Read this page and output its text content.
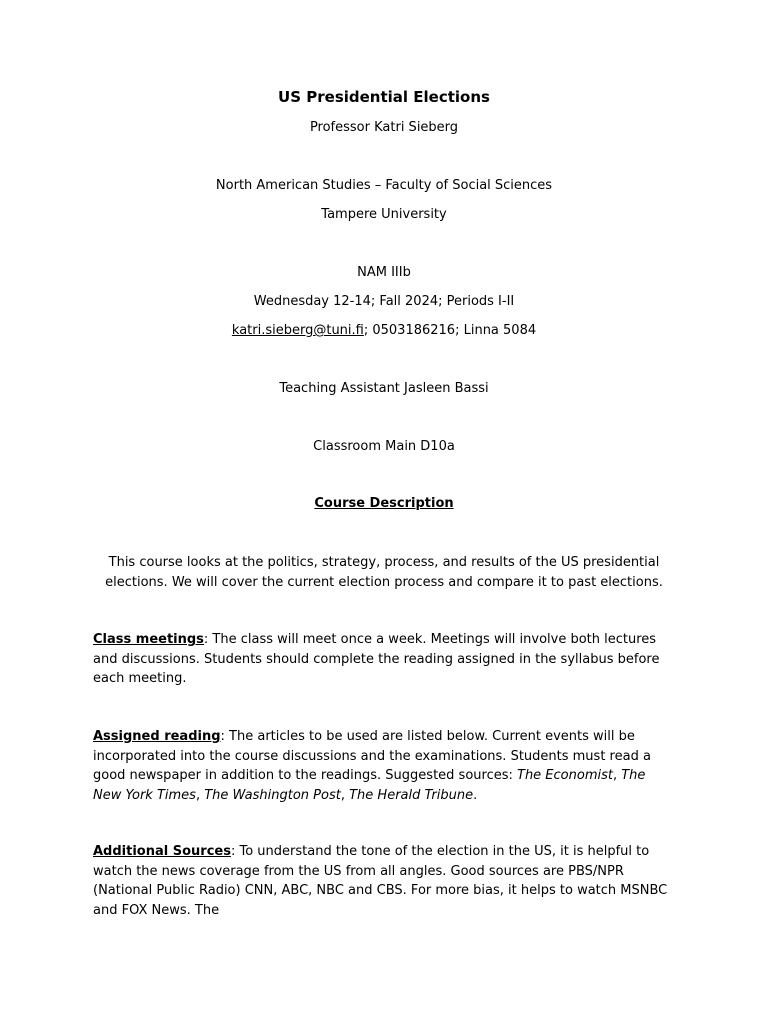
US Presidential Elections
Professor Katri Sieberg
North American Studies – Faculty of Social Sciences
Tampere University
NAM IIIb
Wednesday 12-14; Fall 2024; Periods I-II
katri.sieberg@tuni.fi; 0503186216; Linna 5084
Teaching Assistant Jasleen Bassi
Classroom Main D10a
Course Description
This course looks at the politics, strategy, process, and results of the US presidential elections. We will cover the current election process and compare it to past elections.
Class meetings: The class will meet once a week. Meetings will involve both lectures and discussions. Students should complete the reading assigned in the syllabus before each meeting.
Assigned reading: The articles to be used are listed below. Current events will be incorporated into the course discussions and the examinations. Students must read a good newspaper in addition to the readings. Suggested sources: The Economist, The New York Times, The Washington Post, The Herald Tribune.
Additional Sources: To understand the tone of the election in the US, it is helpful to watch the news coverage from the US from all angles. Good sources are PBS/NPR (National Public Radio) CNN, ABC, NBC and CBS. For more bias, it helps to watch MSNBC and FOX News. The
